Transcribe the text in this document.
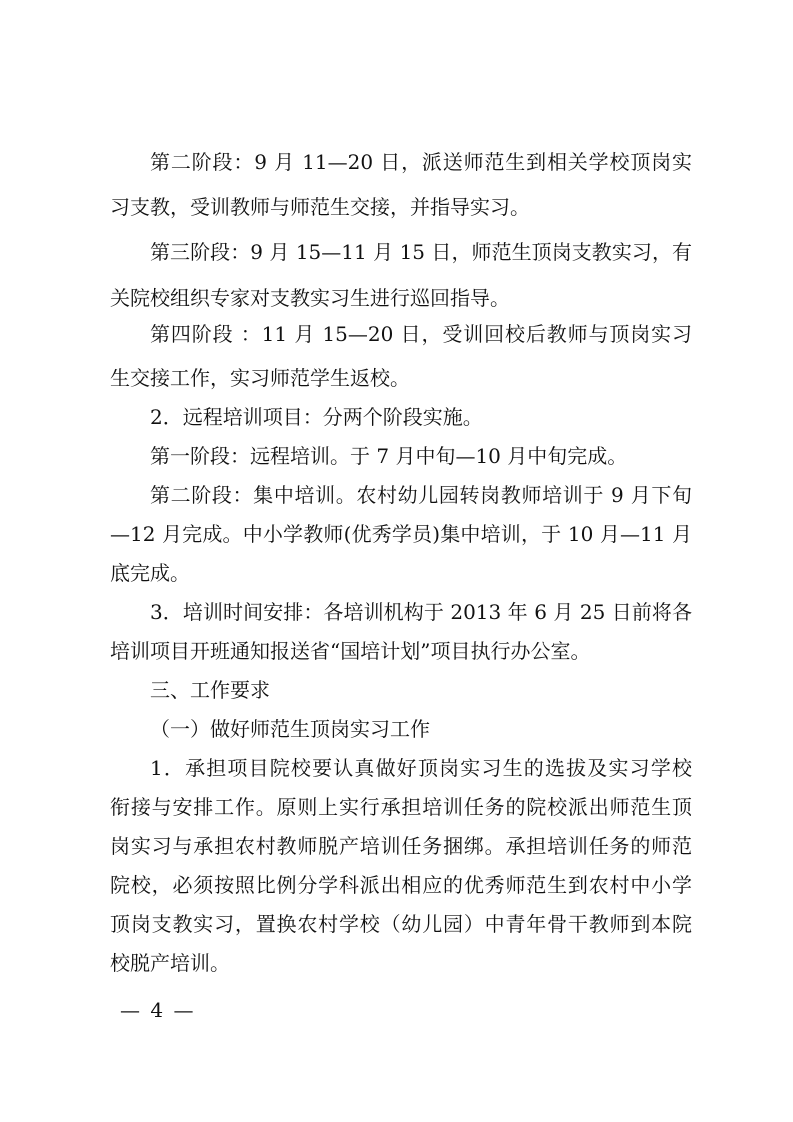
第二阶段：9 月 11—20 日，派送师范生到相关学校顶岗实
习支教，受训教师与师范生交接，并指导实习。
第三阶段：9 月 15—11 月 15 日，师范生顶岗支教实习，有
关院校组织专家对支教实习生进行巡回指导。
第四阶段 ：11 月 15—20 日，受训回校后教师与顶岗实习
生交接工作，实习师范学生返校。
2．远程培训项目：分两个阶段实施。
第一阶段：远程培训。于 7 月中旬—10 月中旬完成。
第二阶段：集中培训。农村幼儿园转岗教师培训于 9 月下旬
—12 月完成。中小学教师(优秀学员)集中培训，于 10 月—11 月
底完成。
3．培训时间安排：各培训机构于 2013 年 6 月 25 日前将各
培训项目开班通知报送省“国培计划”项目执行办公室。
三、工作要求
（一）做好师范生顶岗实习工作
1．承担项目院校要认真做好顶岗实习生的选拔及实习学校
衔接与安排工作。原则上实行承担培训任务的院校派出师范生顶
岗实习与承担农村教师脱产培训任务捆绑。承担培训任务的师范
院校，必须按照比例分学科派出相应的优秀师范生到农村中小学
顶岗支教实习，置换农村学校（幼儿园）中青年骨干教师到本院
校脱产培训。
— 4 —
